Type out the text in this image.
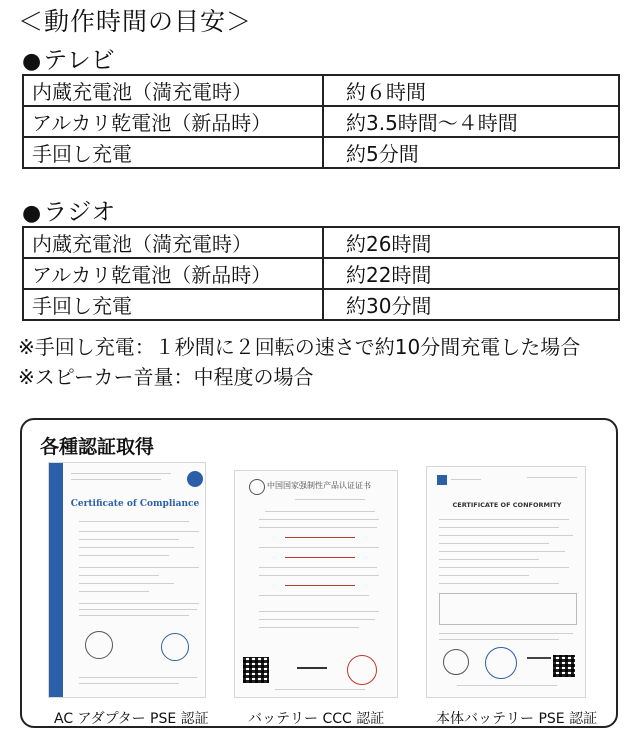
＜動作時間の目安＞
●テレビ
内蔵充電池（満充電時）	約６時間
アルカリ乾電池（新品時）	約3.5時間～４時間
手回し充電	約5分間
●ラジオ
内蔵充電池（満充電時）	約26時間
アルカリ乾電池（新品時）	約22時間
手回し充電	約30分間
※手回し充電：１秒間に２回転の速さで約10分間充電した場合
※スピーカー音量：中程度の場合
各種認証取得
Certificate of Compliance
AC アダプター PSE 認証
中国国家强制性产品认证证书
バッテリー CCC 認証
CERTIFICATE OF CONFORMITY
本体バッテリー PSE 認証
